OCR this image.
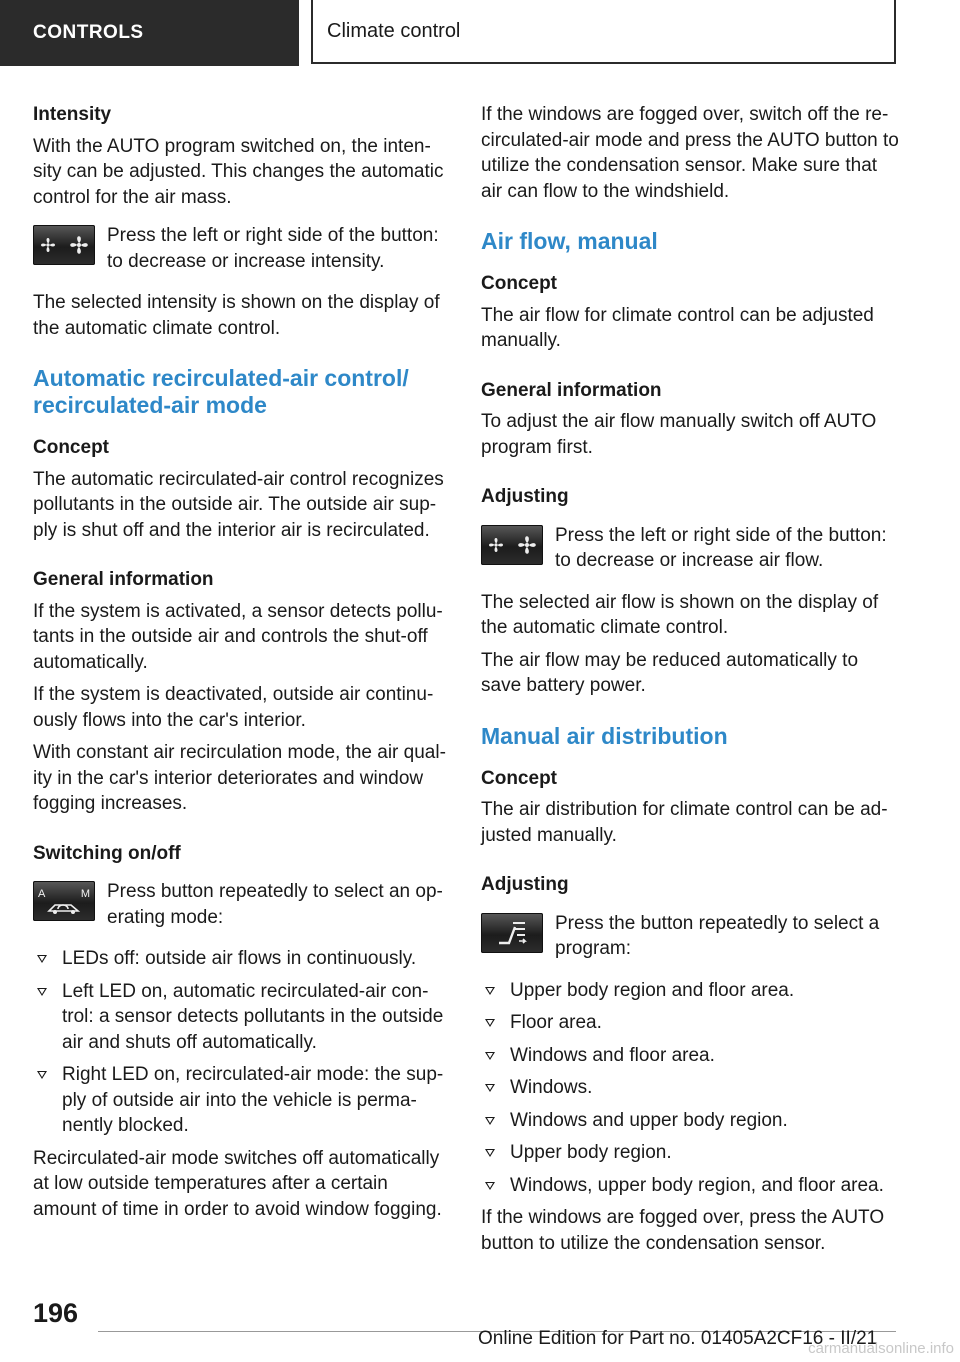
CONTROLS	Climate control
Intensity

With the AUTO program switched on, the intensity can be adjusted. This changes the automatic control for the air mass.

Press the left or right side of the button: to decrease or increase intensity.

The selected intensity is shown on the display of the automatic climate control.

Automatic recirculated-air control/ recirculated-air mode
Concept

The automatic recirculated-air control recognizes pollutants in the outside air. The outside air supply is shut off and the interior air is recirculated.

General information

If the system is activated, a sensor detects pollutants in the outside air and controls the shut-off automatically.

If the system is deactivated, outside air continuously flows into the car's interior.

With constant air recirculation mode, the air quality in the car's interior deteriorates and window fogging increases.

Switching on/off
A	M Press button repeatedly to select an operating mode:
LEDs off: outside air flows in continuously.
Left LED on, automatic recirculated-air control: a sensor detects pollutants in the outside air and shuts off automatically.
Right LED on, recirculated-air mode: the supply of outside air into the vehicle is permanently blocked.

Recirculated-air mode switches off automatically at low outside temperatures after a certain amount of time in order to avoid window fogging.

If the windows are fogged over, switch off the recirculated-air mode and press the AUTO button to utilize the condensation sensor. Make sure that air can flow to the windshield.

Air flow, manual
Concept

The air flow for climate control can be adjusted manually.

General information

To adjust the air flow manually switch off AUTO program first.

Adjusting
Press the left or right side of the button: to decrease or increase air flow.

The selected air flow is shown on the display of the automatic climate control.

The air flow may be reduced automatically to save battery power.

Manual air distribution
Concept

The air distribution for climate control can be adjusted manually.

Adjusting
Press the button repeatedly to select a program:
Upper body region and floor area.
Floor area.
Windows and floor area.
Windows.
Windows and upper body region.
Upper body region.
Windows, upper body region, and floor area.

If the windows are fogged over, press the AUTO button to utilize the condensation sensor.

196
Online Edition for Part no. 01405A2CF16 - II/21
carmanualsonline.info
